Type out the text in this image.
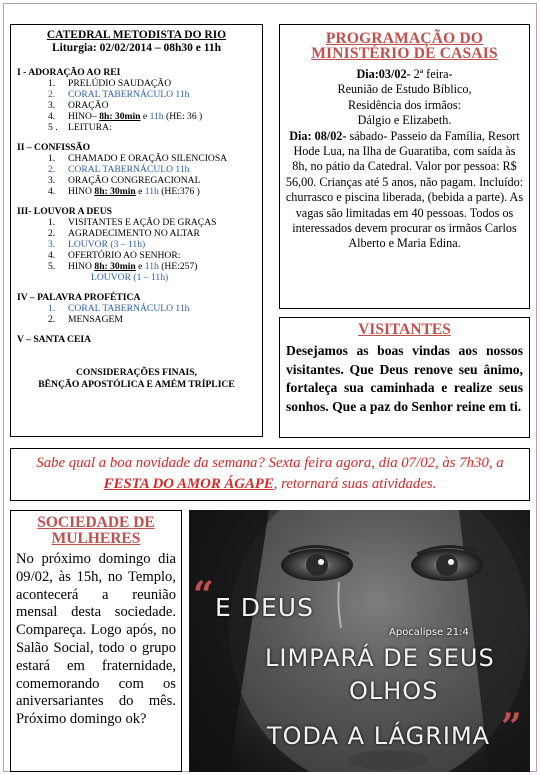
CATEDRAL METODISTA DO RIO
Liturgia: 02/02/2014 – 08h30 e 11h
I - ADORAÇÃO AO REI
1. PRELÚDIO SAUDAÇÃO
2. CORAL TABERNÁCULO 11h
3. ORAÇÃO
4. HINO– 8h: 30min e 11h (HE: 36 )
5 . LEITURA:
II – CONFISSÃO
1. CHAMADO E ORAÇÃO SILENCIOSA
2. CORAL TABERNÁCULO 11h
3. ORAÇÃO CONGREGACIONAL
4. HINO 8h: 30min e 11h (HE:376 )
III- LOUVOR A DEUS
1. VISITANTES E AÇÃO DE GRAÇAS
2. AGRADECIMENTO NO ALTAR
3. LOUVOR (3 – 11h)
4. OFERTÓRIO AO SENHOR:
5. HINO 8h: 30min e 11h (HE:257)
LOUVOR (1 – 11h)
IV – PALAVRA PROFÉTICA
1. CORAL TABERNÁCULO 11h
2. MENSAGEM
V – SANTA CEIA
CONSIDERAÇÕES FINAIS,
BÊNÇÃO APOSTÓLICA E AMÉM TRÍPLICE
PROGRAMAÇÃO DO
MINISTÉRIO DE CASAIS
Dia:03/02- 2ª feira-
Reunião de Estudo Bíblico,
Residência dos irmãos:
Dálgio e Elizabeth.
Dia: 08/02- sábado- Passeio da Família, Resort Hode Lua, na Ilha de Guaratiba, com saída às 8h, no pátio da Catedral. Valor por pessoa: R$ 56,00. Crianças até 5 anos, não pagam. Incluído: churrasco e piscina liberada, (bebida a parte). As vagas são limitadas em 40 pessoas. Todos os interessados devem procurar os irmãos Carlos Alberto e Maria Edina.
VISITANTES
Desejamos as boas vindas aos nossos visitantes. Que Deus renove seu ânimo, fortaleça sua caminhada e realize seus sonhos. Que a paz do Senhor reine em ti.
Sabe qual a boa novidade da semana? Sexta feira agora, dia 07/02, às 7h30, a FESTA DO AMOR ÁGAPE, retornará suas atividades.
SOCIEDADE DE
MULHERES
No próximo domingo dia 09/02, às 15h, no Templo, acontecerá a reunião mensal desta sociedade. Compareça. Logo após, no Salão Social, todo o grupo estará em fraternidade, comemorando com os aniversariantes do mês. Próximo domingo ok?
“ E DEUS
Apocalipse 21:4
LIMPARÁ DE SEUS
OLHOS
TODA A LÁGRIMA ”
